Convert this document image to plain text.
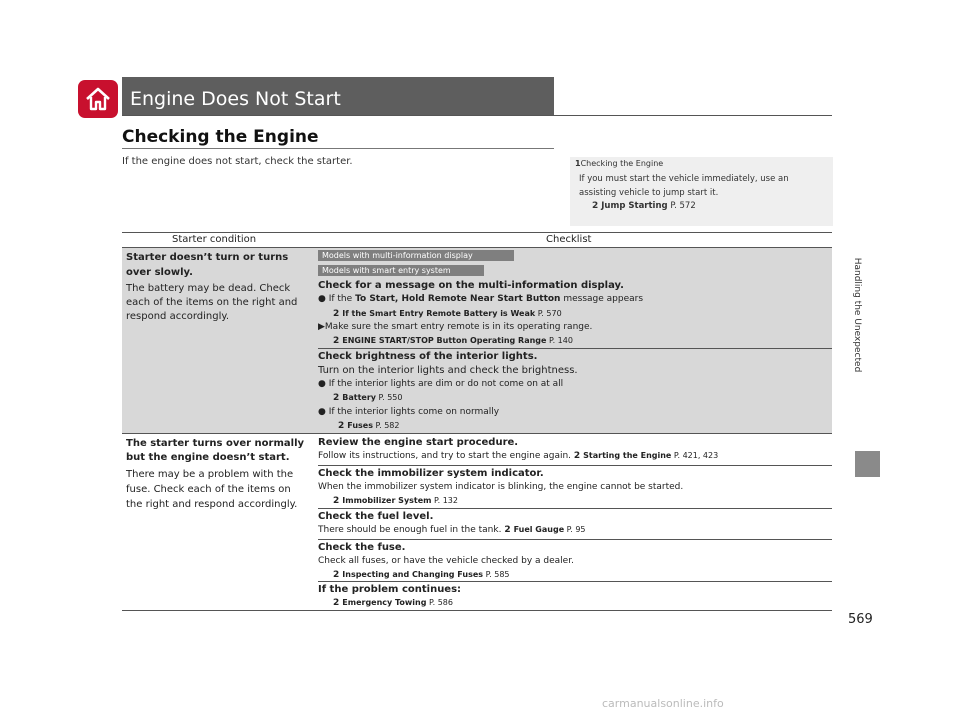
Engine Does Not Start
Checking the Engine
If the engine does not start, check the starter.	1Checking the Engine
If you must start the vehicle immediately, use an
assisting vehicle to jump start it.
2 Jump Starting P. 572
Starter condition	Checklist
Starter doesn’t turn or turns
over slowly.
The battery may be dead. Check
each of the items on the right and
respond accordingly.
Models with multi-information display
Models with smart entry system
Check for a message on the multi-information display.
● If the To Start, Hold Remote Near Start Button message appears
2 If the Smart Entry Remote Battery is Weak P. 570
▶Make sure the smart entry remote is in its operating range.
2 ENGINE START/STOP Button Operating Range P. 140
Check brightness of the interior lights.
Turn on the interior lights and check the brightness.
● If the interior lights are dim or do not come on at all
2 Battery P. 550
● If the interior lights come on normally
2 Fuses P. 582
The starter turns over normally
but the engine doesn’t start.
There may be a problem with the
fuse. Check each of the items on
the right and respond accordingly.
Review the engine start procedure.
Follow its instructions, and try to start the engine again. 2 Starting the Engine P. 421, 423
Check the immobilizer system indicator.
When the immobilizer system indicator is blinking, the engine cannot be started.
2 Immobilizer System P. 132
Check the fuel level.
There should be enough fuel in the tank. 2 Fuel Gauge P. 95
Check the fuse.
Check all fuses, or have the vehicle checked by a dealer.
2 Inspecting and Changing Fuses P. 585
If the problem continues:
2 Emergency Towing P. 586
Handling the Unexpected
569
carmanualsonline.info
